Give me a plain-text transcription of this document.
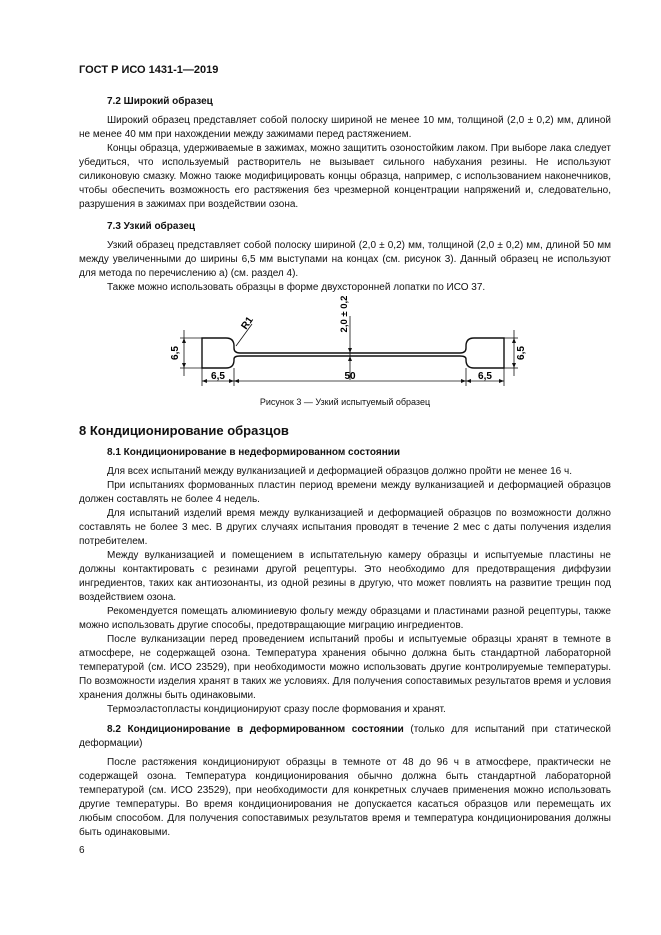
ГОСТ Р ИСО 1431-1—2019

7.2 Широкий образец

Широкий образец представляет собой полоску шириной не менее 10 мм, толщиной (2,0 ± 0,2) мм, длиной не менее 40 мм при нахождении между зажимами перед растяжением.

Концы образца, удерживаемые в зажимах, можно защитить озоностойким лаком. При выборе лака следует убедиться, что используемый растворитель не вызывает сильного набухания резины. Не используют силиконовую смазку. Можно также модифицировать концы образца, например, с использованием наконечников, чтобы обеспечить возможность его растяжения без чрезмерной концентрации напряжений и, следовательно, разрушения в зажимах при воздействии озона.

7.3 Узкий образец

Узкий образец представляет собой полоску шириной (2,0 ± 0,2) мм, толщиной (2,0 ± 0,2) мм, длиной 50 мм между увеличенными до ширины 6,5 мм выступами на концах (см. рисунок 3). Данный образец не используют для метода по перечислению а) (см. раздел 4).

Также можно использовать образцы в форме двухсторонней лопатки по ИСО 37.

R1	2,0 ± 0,2
6,5	6,5
6,5	50	6,5
Рисунок 3 — Узкий испытуемый образец

8 Кондиционирование образцов

8.1 Кондиционирование в недеформированном состоянии

Для всех испытаний между вулканизацией и деформацией образцов должно пройти не менее 16 ч.

При испытаниях формованных пластин период времени между вулканизацией и деформацией образцов должен составлять не более 4 недель.

Для испытаний изделий время между вулканизацией и деформацией образцов по возможности должно составлять не более 3 мес. В других случаях испытания проводят в течение 2 мес с даты получения изделия потребителем.

Между вулканизацией и помещением в испытательную камеру образцы и испытуемые пластины не должны контактировать с резинами другой рецептуры. Это необходимо для предотвращения диффузии ингредиентов, таких как антиозонанты, из одной резины в другую, что может повлиять на развитие трещин под воздействием озона.

Рекомендуется помещать алюминиевую фольгу между образцами и пластинами разной рецептуры, также можно использовать другие способы, предотвращающие миграцию ингредиентов.

После вулканизации перед проведением испытаний пробы и испытуемые образцы хранят в темноте в атмосфере, не содержащей озона. Температура хранения обычно должна быть стандартной лабораторной температурой (см. ИСО 23529), при необходимости можно использовать другие контролируемые температуры. По возможности изделия хранят в таких же условиях. Для получения сопоставимых результатов время и условия хранения должны быть одинаковыми.

Термоэластопласты кондиционируют сразу после формования и хранят.

8.2 Кондиционирование в деформированном состоянии (только для испытаний при статической деформации)

После растяжения кондиционируют образцы в темноте от 48 до 96 ч в атмосфере, практически не содержащей озона. Температура кондиционирования обычно должна быть стандартной лабораторной температурой (см. ИСО 23529), при необходимости для конкретных случаев применения можно использовать другие температуры. Во время кондиционирования не допускается касаться образцов или перемещать их любым способом. Для получения сопоставимых результатов время и температура кондиционирования должны быть одинаковыми.

6
